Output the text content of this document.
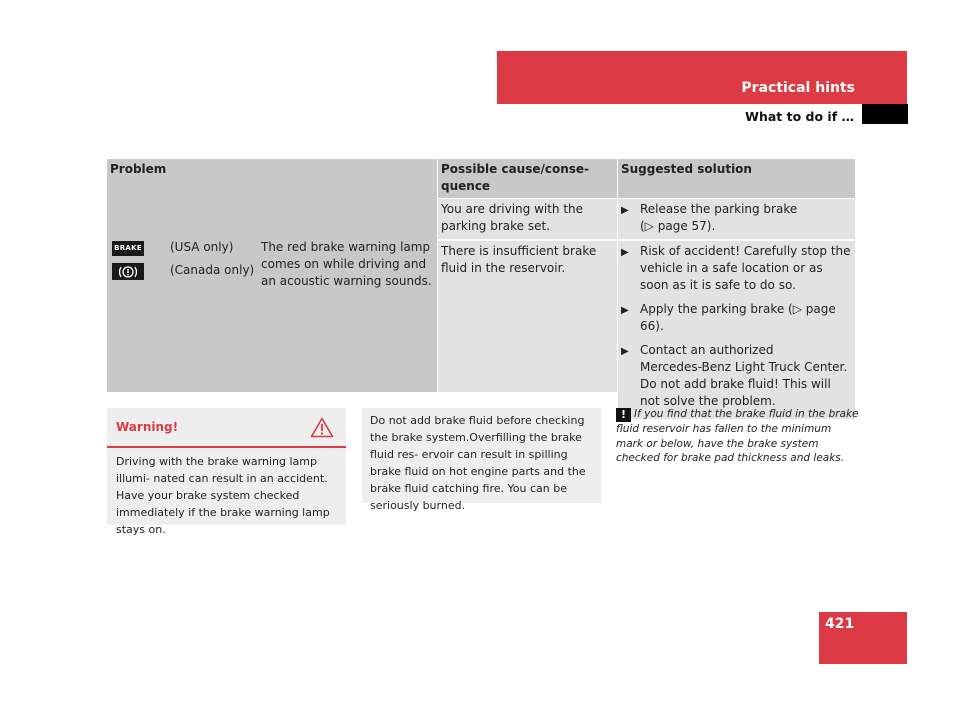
Practical hints
What to do if …
Problem	Possible cause/conse-
quence
Suggested solution
BRAKE (USA only)
(Canada only)
The red brake warning lamp comes on while driving and an acoustic warning sounds.
You are driving with the parking brake set.
There is insufficient brake fluid in the reservoir.
▶ Release the parking brake
(▷ page 57).
▶ Risk of accident! Carefully stop the vehicle in a safe location or as soon as it is safe to do so.
▶ Apply the parking brake (▷ page 66).
▶ Contact an authorized
Mercedes-Benz Light Truck Center.
Do not add brake fluid! This will not solve the problem.
Warning!
Driving with the brake warning lamp illumi- nated can result in an accident. Have your brake system checked immediately if the brake warning lamp stays on.
Do not add brake fluid before checking the brake system.Overfilling the brake fluid res- ervoir can result in spilling brake fluid on hot engine parts and the brake fluid catching fire. You can be seriously burned.
! If you find that the brake fluid in the brake fluid reservoir has fallen to the minimum mark or below, have the brake system checked for brake pad thickness and leaks.
421
